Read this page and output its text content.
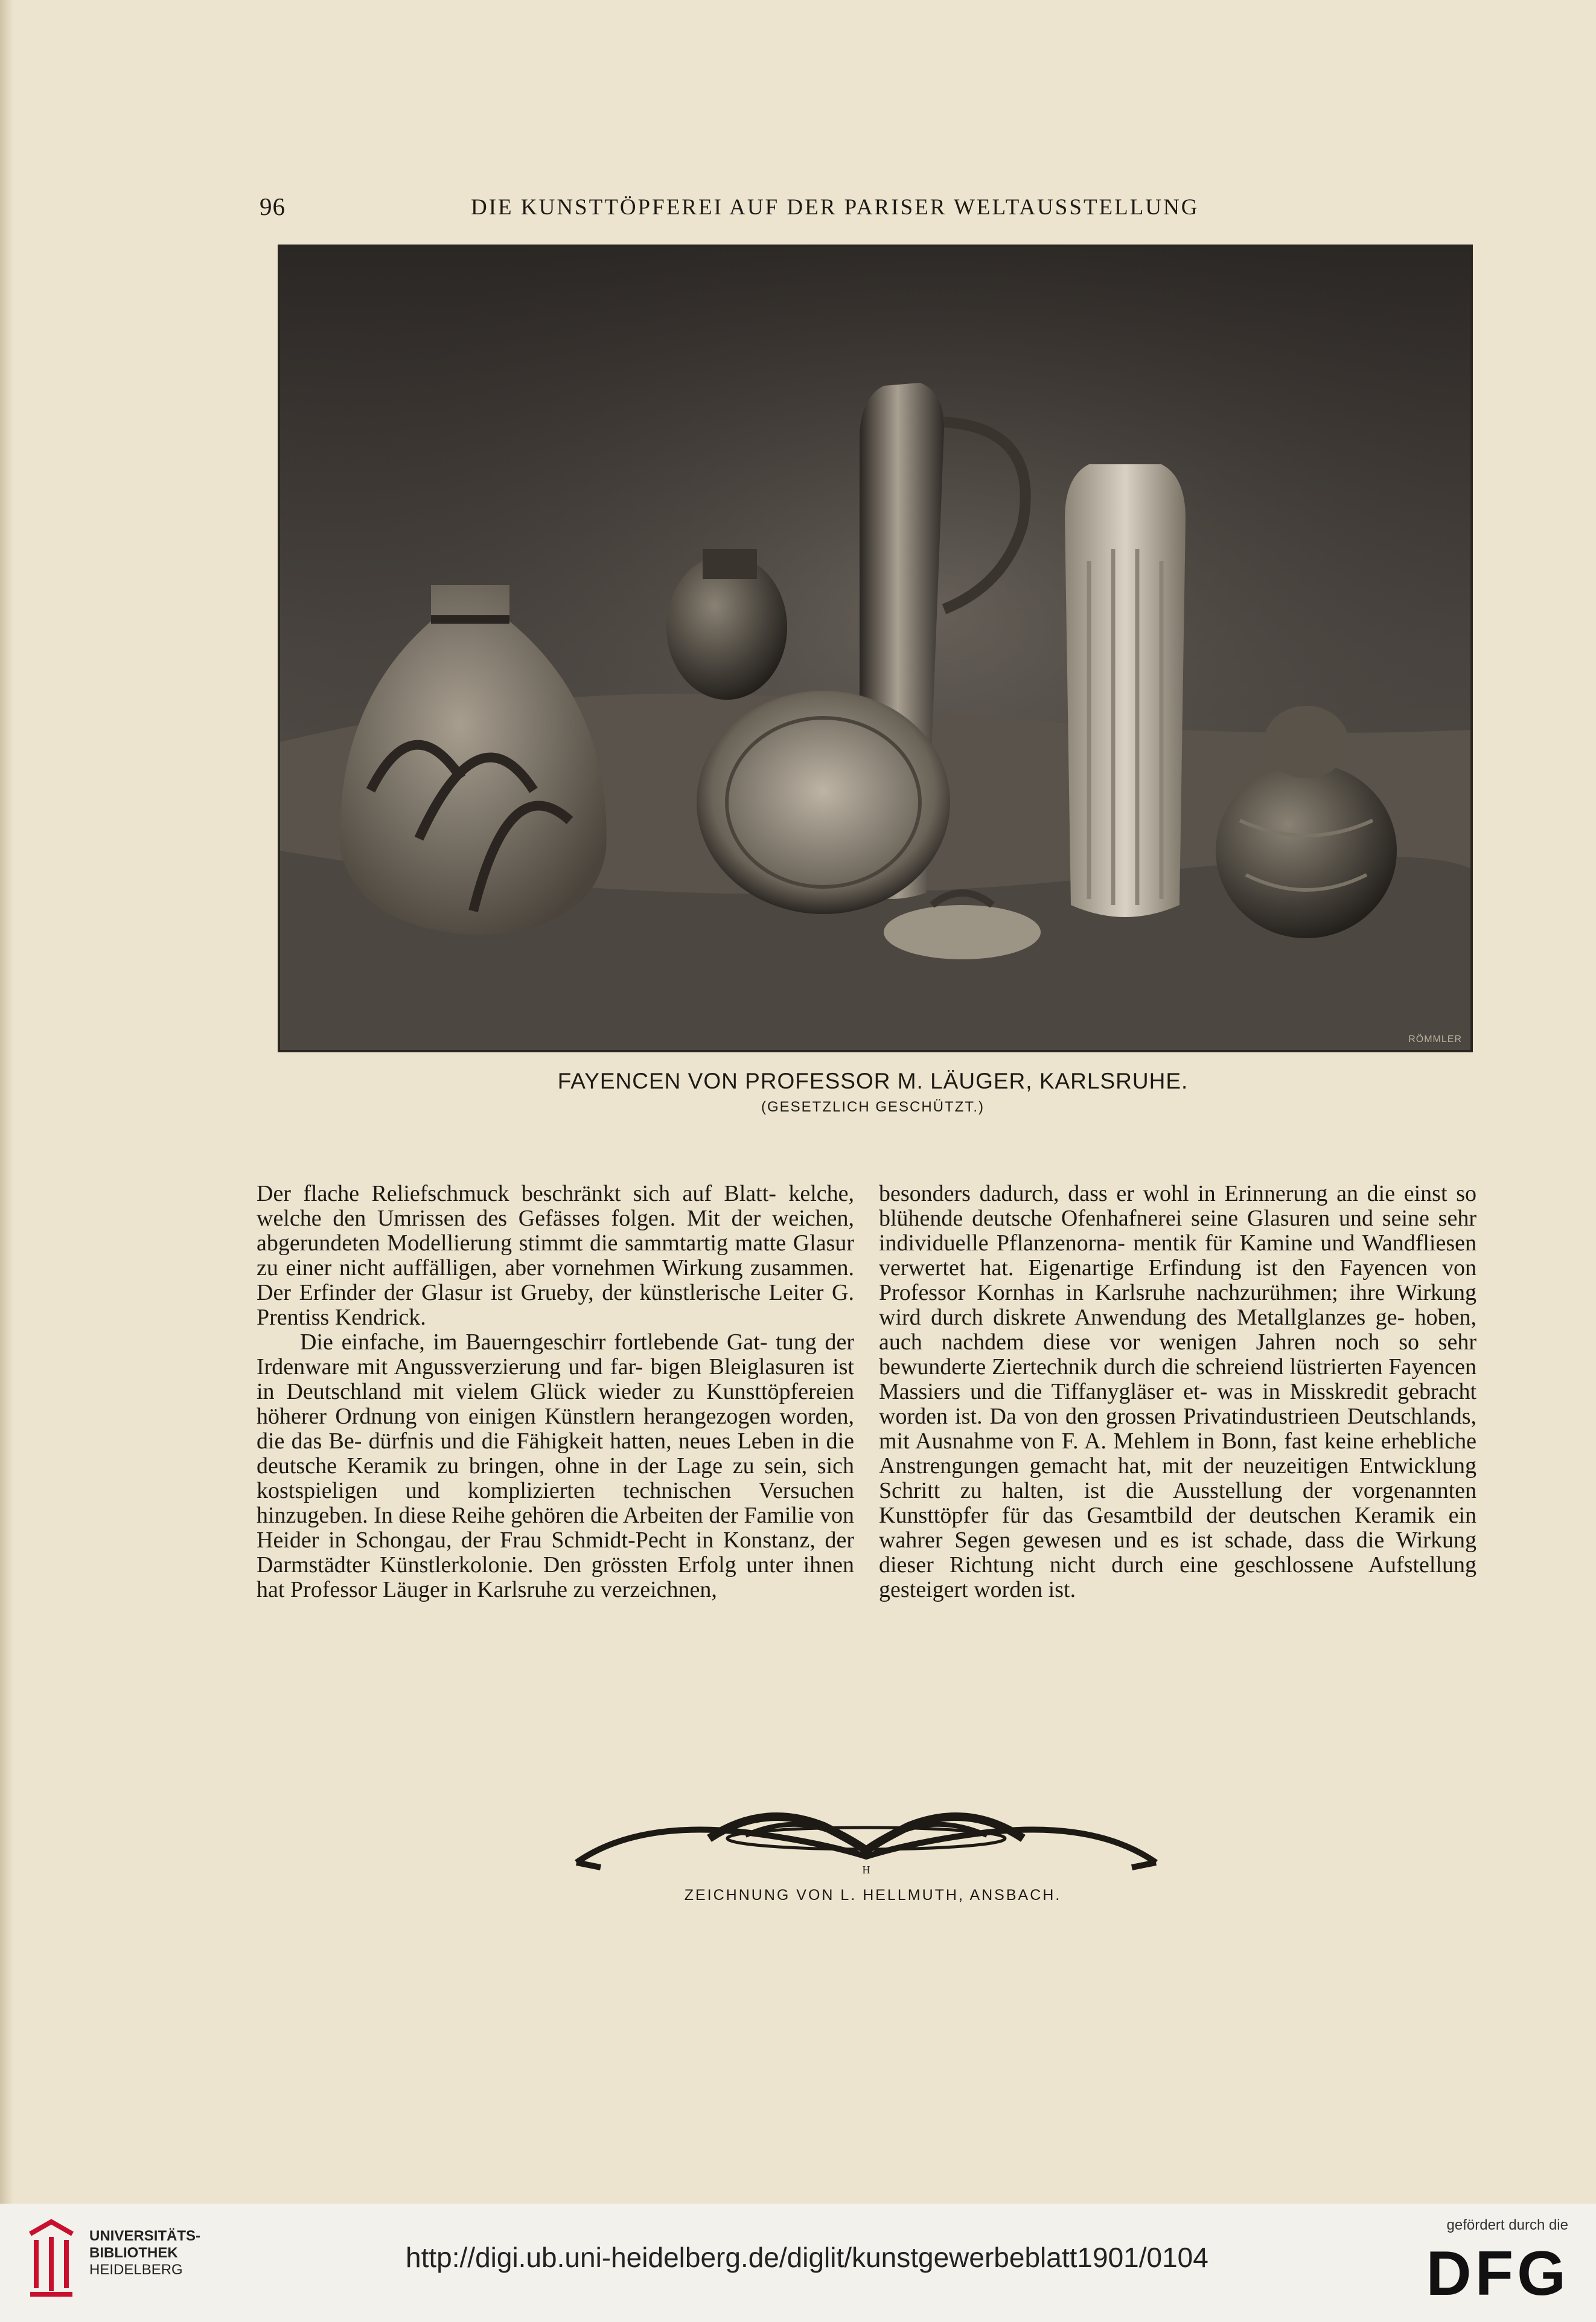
96	DIE KUNSTTÖPFEREI AUF DER PARISER WELTAUSSTELLUNG
RÖMMLER
FAYENCEN VON PROFESSOR M. LÄUGER, KARLSRUHE.
(GESETZLICH GESCHÜTZT.)

Der flache Reliefschmuck beschränkt sich auf Blatt- kelche, welche den Umrissen des Gefässes folgen. Mit der weichen, abgerundeten Modellierung stimmt die sammtartig matte Glasur zu einer nicht auffälligen, aber vornehmen Wirkung zusammen. Der Erfinder der Glasur ist Grueby, der künstlerische Leiter G. Prentiss Kendrick.

Die einfache, im Bauerngeschirr fortlebende Gat- tung der Irdenware mit Angussverzierung und far- bigen Bleiglasuren ist in Deutschland mit vielem Glück wieder zu Kunsttöpfereien höherer Ordnung von einigen Künstlern herangezogen worden, die das Be- dürfnis und die Fähigkeit hatten, neues Leben in die deutsche Keramik zu bringen, ohne in der Lage zu sein, sich kostspieligen und komplizierten technischen Versuchen hinzugeben. In diese Reihe gehören die Arbeiten der Familie von Heider in Schongau, der Frau Schmidt-Pecht in Konstanz, der Darmstädter Künstlerkolonie. Den grössten Erfolg unter ihnen hat Professor Läuger in Karlsruhe zu verzeichnen,

besonders dadurch, dass er wohl in Erinnerung an die einst so blühende deutsche Ofenhafnerei seine Glasuren und seine sehr individuelle Pflanzenorna- mentik für Kamine und Wandfliesen verwertet hat. Eigenartige Erfindung ist den Fayencen von Professor Kornhas in Karlsruhe nachzurühmen; ihre Wirkung wird durch diskrete Anwendung des Metallglanzes ge- hoben, auch nachdem diese vor wenigen Jahren noch so sehr bewunderte Ziertechnik durch die schreiend lüstrierten Fayencen Massiers und die Tiffanygläser et- was in Misskredit gebracht worden ist. Da von den grossen Privatindustrieen Deutschlands, mit Ausnahme von F. A. Mehlem in Bonn, fast keine erhebliche Anstrengungen gemacht hat, mit der neuzeitigen Entwicklung Schritt zu halten, ist die Ausstellung der vorgenannten Kunsttöpfer für das Gesamtbild der deutschen Keramik ein wahrer Segen gewesen und es ist schade, dass die Wirkung dieser Richtung nicht durch eine geschlossene Aufstellung gesteigert worden ist.

H
ZEICHNUNG VON L. HELLMUTH, ANSBACH.
UNIVERSITÄTS-
BIBLIOTHEK
HEIDELBERG	http://digi.ub.uni-heidelberg.de/diglit/kunstgewerbeblatt1901/0104
gefördert durch die
DFG
